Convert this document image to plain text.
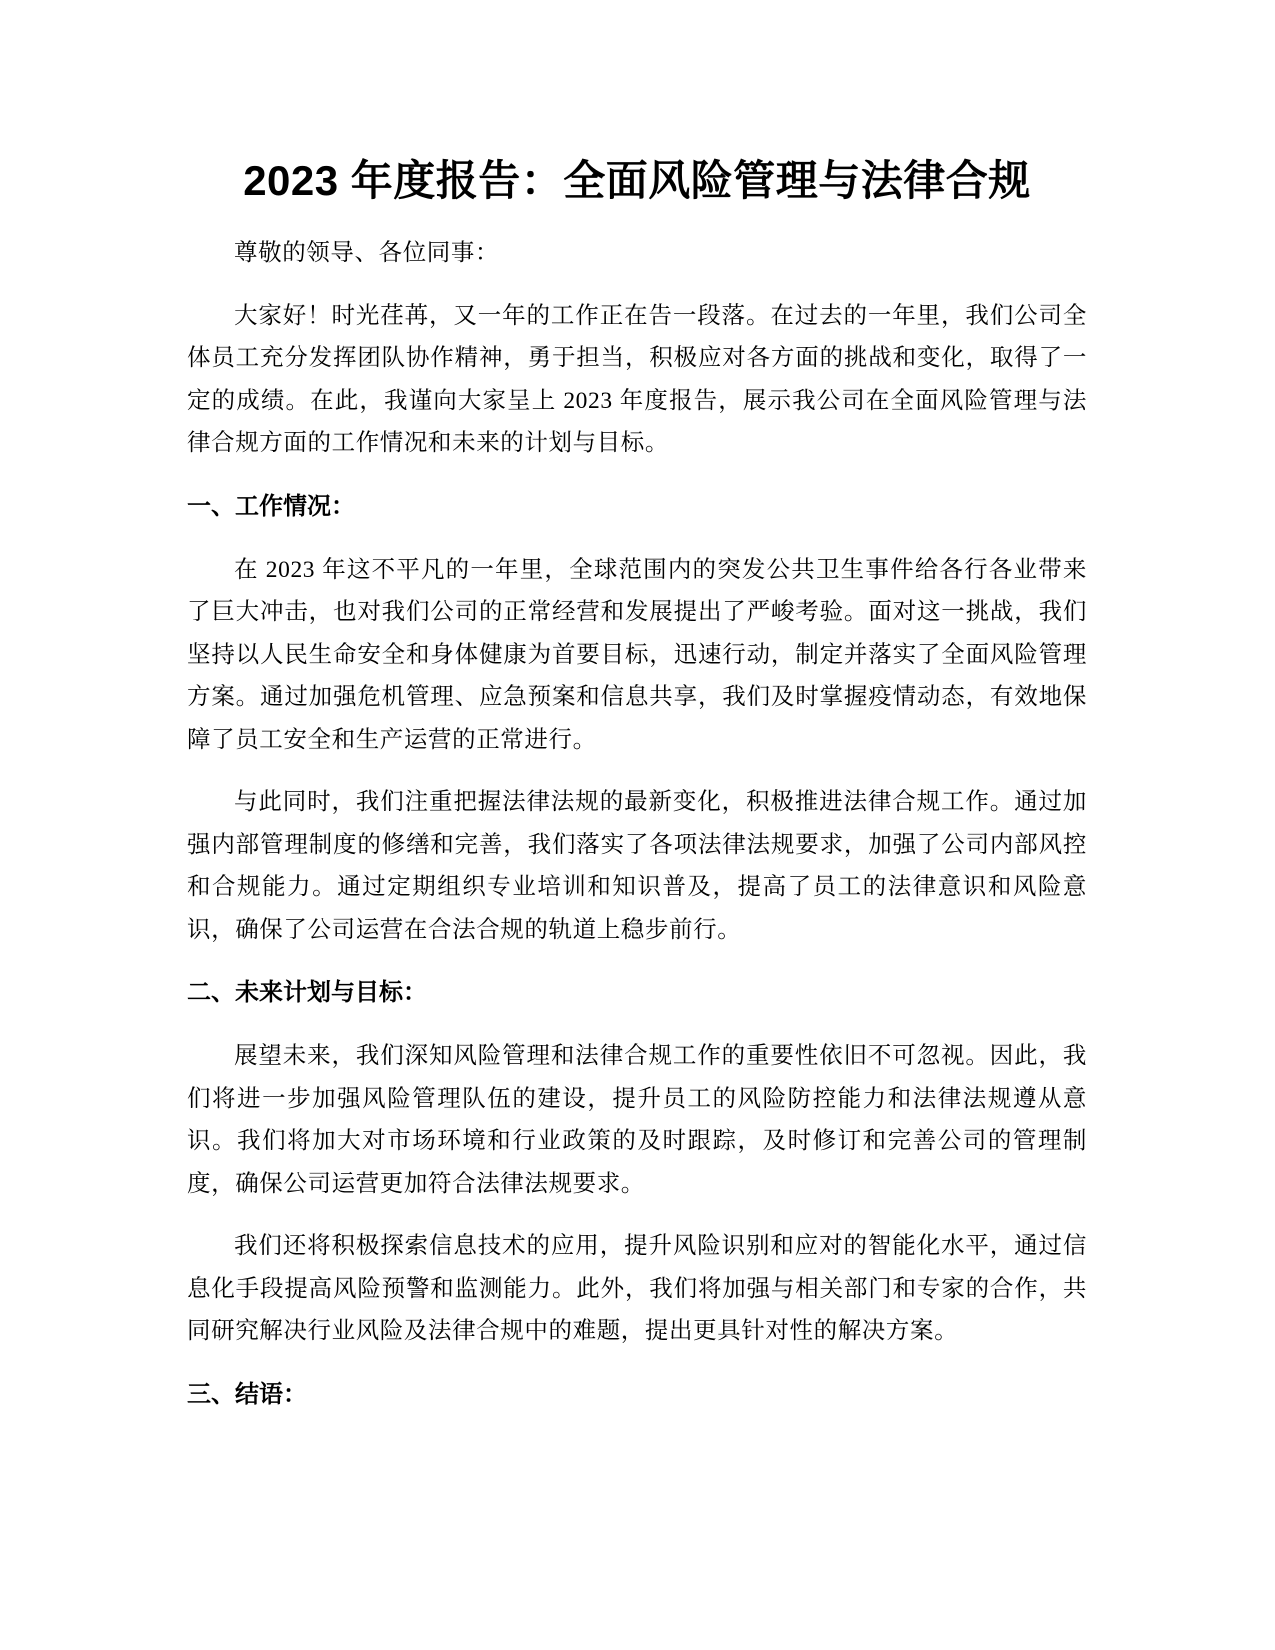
2023 年度报告：全面风险管理与法律合规

尊敬的领导、各位同事：

大家好！时光荏苒，又一年的工作正在告一段落。在过去的一年里，我们公司全体员工充分发挥团队协作精神，勇于担当，积极应对各方面的挑战和变化，取得了一定的成绩。在此，我谨向大家呈上 2023 年度报告，展示我公司在全面风险管理与法律合规方面的工作情况和未来的计划与目标。

一、工作情况：

在 2023 年这不平凡的一年里，全球范围内的突发公共卫生事件给各行各业带来了巨大冲击，也对我们公司的正常经营和发展提出了严峻考验。面对这一挑战，我们坚持以人民生命安全和身体健康为首要目标，迅速行动，制定并落实了全面风险管理方案。通过加强危机管理、应急预案和信息共享，我们及时掌握疫情动态，有效地保障了员工安全和生产运营的正常进行。

与此同时，我们注重把握法律法规的最新变化，积极推进法律合规工作。通过加强内部管理制度的修缮和完善，我们落实了各项法律法规要求，加强了公司内部风控和合规能力。通过定期组织专业培训和知识普及，提高了员工的法律意识和风险意识，确保了公司运营在合法合规的轨道上稳步前行。

二、未来计划与目标：

展望未来，我们深知风险管理和法律合规工作的重要性依旧不可忽视。因此，我们将进一步加强风险管理队伍的建设，提升员工的风险防控能力和法律法规遵从意识。我们将加大对市场环境和行业政策的及时跟踪，及时修订和完善公司的管理制度，确保公司运营更加符合法律法规要求。

我们还将积极探索信息技术的应用，提升风险识别和应对的智能化水平，通过信息化手段提高风险预警和监测能力。此外，我们将加强与相关部门和专家的合作，共同研究解决行业风险及法律合规中的难题，提出更具针对性的解决方案。

三、结语：
